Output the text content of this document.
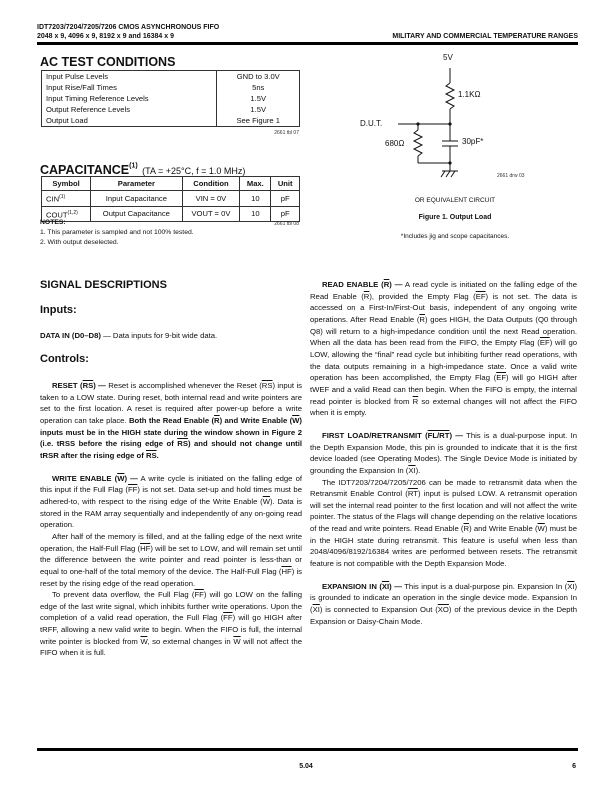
IDT7203/7204/7205/7206 CMOS ASYNCHRONOUS FIFO
2048 x 9, 4096 x 9, 8192 x 9 and 16384 x 9	MILITARY AND COMMERCIAL TEMPERATURE RANGES
AC TEST CONDITIONS
Input Pulse Levels	GND to 3.0V
Input Rise/Fall Times	5ns
Input Timing Reference Levels	1.5V
Output Reference Levels	1.5V
Output Load	See Figure 1
2661 tbl 07
CAPACITANCE$^{(1)}$ (TA = +25°C, f = 1.0 MHz)
Symbol	Parameter	Condition	Max.	Unit
CIN$^{(1)}$	Input Capacitance	VIN = 0V	10	pF
COUT$^{(1,2)}$	Output Capacitance	VOUT = 0V	10	pF
NOTES:	2661 tbl 08
1. This parameter is sampled and not 100% tested.
2. With output deselected.
5V
1.1KΩ
D.U.T.
680Ω	30pF*
2661 drw 03
OR EQUIVALENT CIRCUIT
Figure 1. Output Load
*Includes jig and scope capacitances.
SIGNAL DESCRIPTIONS
Inputs:
DATA IN (D0–D8) — Data inputs for 9-bit wide data.
Controls:

RESET $(\overline{RS})$ — Reset is accomplished whenever the Reset $(\overline{RS})$ input is taken to a LOW state. During reset, both internal read and write pointers are set to the first location. A reset is required after power-up before a write operation can take place. Both the Read Enable $(\overline{R})$ and Write Enable $(\overline{W})$ inputs must be in the HIGH state during the window shown in Figure 2 (i.e. tRSS before the rising edge of $\overline{RS}$) and should not change until tRSR after the rising edge of $\overline{RS}$.

WRITE ENABLE $(\overline{W})$ — A write cycle is initiated on the falling edge of this input if the Full Flag $(\overline{FF})$ is not set. Data set-up and hold times must be adhered-to, with respect to the rising edge of the Write Enable $(\overline{W})$. Data is stored in the RAM array sequentially and independently of any on-going read operation.

After half of the memory is filled, and at the falling edge of the next write operation, the Half-Full Flag $(\overline{HF})$ will be set to LOW, and will remain set until the difference between the write pointer and read pointer is less-than or equal to one-half of the total memory of the device. The Half-Full Flag $(\overline{HF})$ is reset by the rising edge of the read operation.

To prevent data overflow, the Full Flag $(\overline{FF})$ will go LOW on the falling edge of the last write signal, which inhibits further write operations. Upon the completion of a valid read operation, the Full Flag $(\overline{FF})$ will go HIGH after tRFF, allowing a new valid write to begin. When the FIFO is full, the internal write pointer is blocked from $\overline{W}$, so external changes in $\overline{W}$ will not affect the FIFO when it is full.

READ ENABLE $(\overline{R})$ — A read cycle is initiated on the falling edge of the Read Enable $(\overline{R})$, provided the Empty Flag $(\overline{EF})$ is not set. The data is accessed on a First-In/First-Out basis, independent of any ongoing write operations. After Read Enable $(\overline{R})$ goes HIGH, the Data Outputs (Q0 through Q8) will return to a high-impedance condition until the next Read operation. When all the data has been read from the FIFO, the Empty Flag $(\overline{EF})$ will go LOW, allowing the “final” read cycle but inhibiting further read operations, with the data outputs remaining in a high-impedance state. Once a valid write operation has been accomplished, the Empty Flag $(\overline{EF})$ will go HIGH after tWEF and a valid Read can then begin. When the FIFO is empty, the internal read pointer is blocked from $\overline{R}$ so external changes will not affect the FIFO when it is empty.

FIRST LOAD/RETRANSMIT (FL/RT) — This is a dual-purpose input. In the Depth Expansion Mode, this pin is grounded to indicate that it is the first device loaded (see Operating Modes). The Single Device Mode is initiated by grounding the Expansion In $(\overline{XI})$.

The IDT7203/7204/7205/7206 can be made to retransmit data when the Retransmit Enable Control $(\overline{RT})$ input is pulsed LOW. A retransmit operation will set the internal read pointer to the first location and will not affect the write pointer. The status of the Flags will change depending on the relative locations of the read and write pointers. Read Enable $(\overline{R})$ and Write Enable $(\overline{W})$ must be in the HIGH state during retransmit. This feature is useful when less than 2048/4096/8192/16384 writes are performed between resets. The retransmit feature is not compatible with the Depth Expansion Mode.

EXPANSION IN $(\overline{XI})$ — This input is a dual-purpose pin. Expansion In $(\overline{XI})$ is grounded to indicate an operation in the single device mode. Expansion In $(\overline{XI})$ is connected to Expansion Out $(\overline{XO})$ of the previous device in the Depth Expansion or Daisy-Chain Mode.

5.04	6
